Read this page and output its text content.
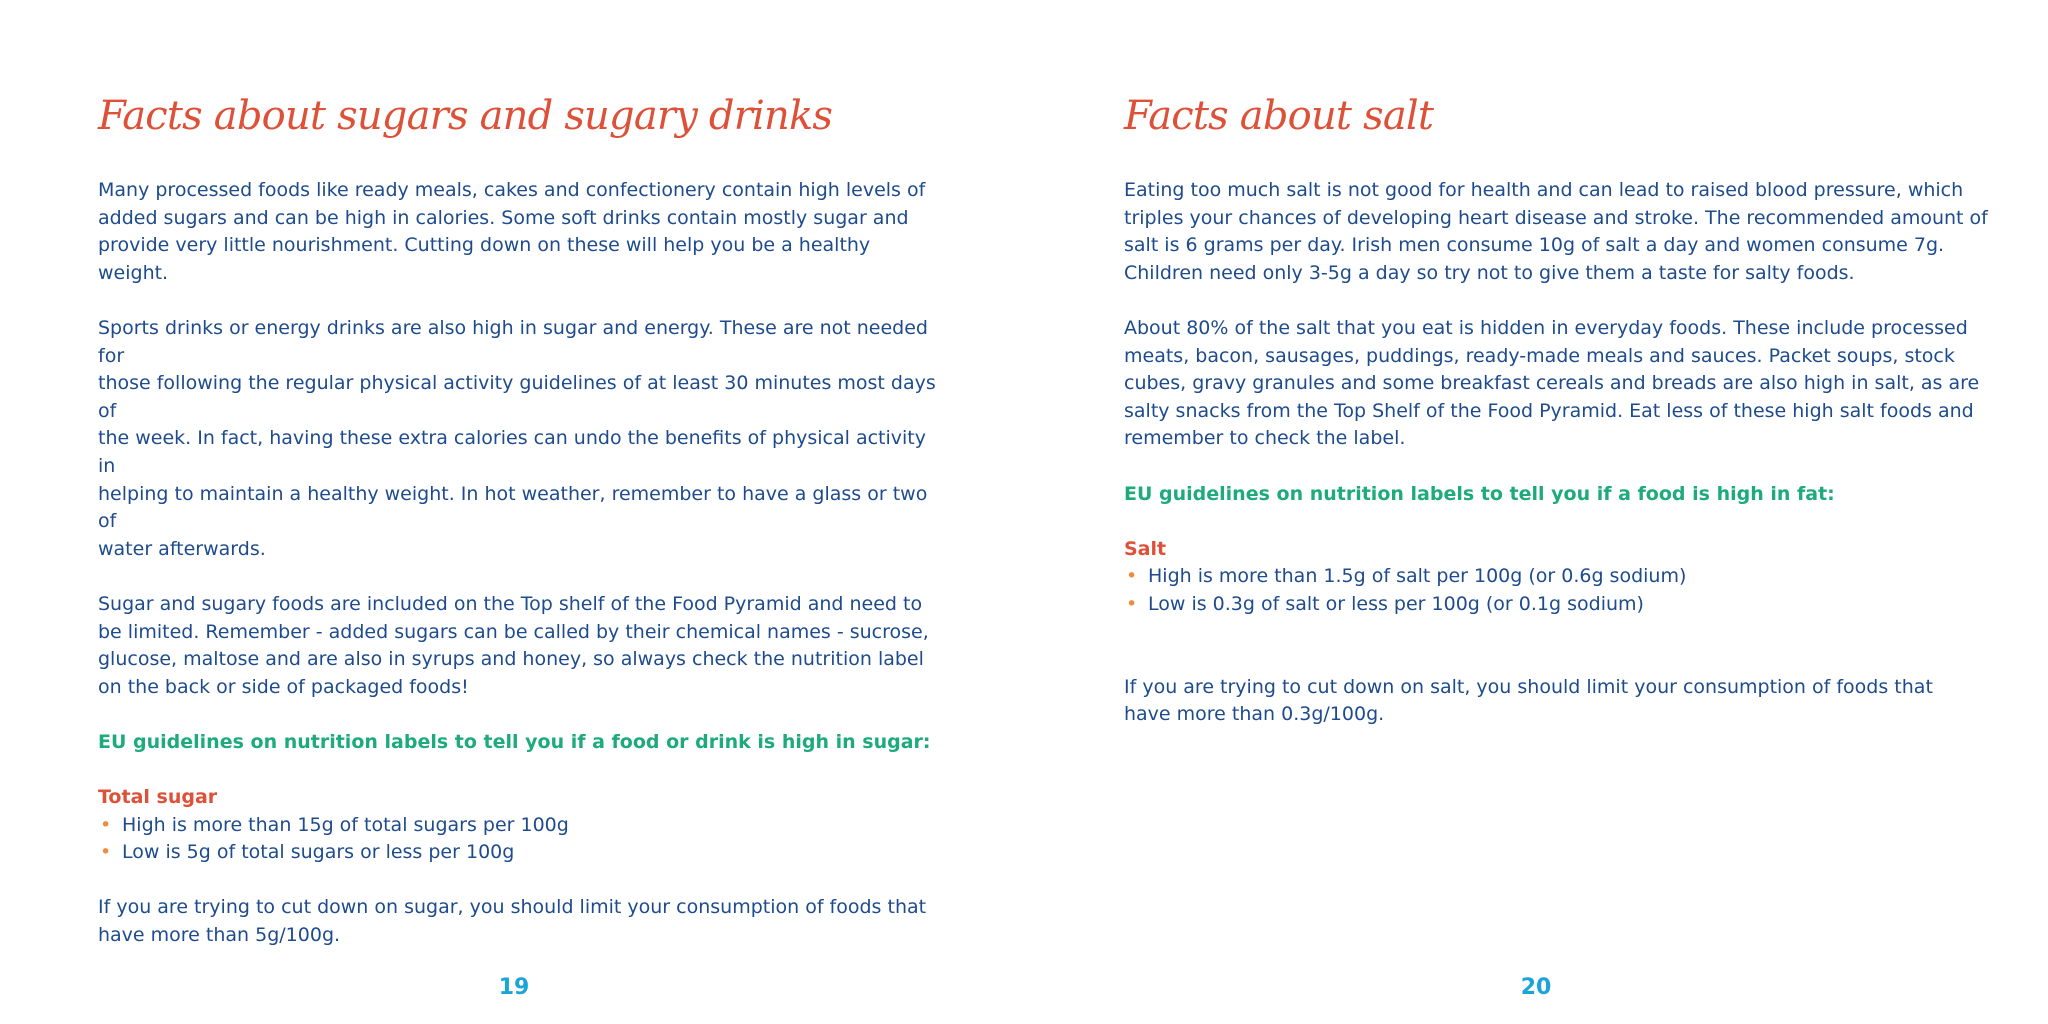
Facts about sugars and sugary drinks

Many processed foods like ready meals, cakes and confectionery contain high levels of
added sugars and can be high in calories. Some soft drinks contain mostly sugar and
provide very little nourishment. Cutting down on these will help you be a healthy weight.

Sports drinks or energy drinks are also high in sugar and energy. These are not needed for
those following the regular physical activity guidelines of at least 30 minutes most days of
the week. In fact, having these extra calories can undo the benefits of physical activity in
helping to maintain a healthy weight. In hot weather, remember to have a glass or two of
water afterwards.

Sugar and sugary foods are included on the Top shelf of the Food Pyramid and need to
be limited. Remember - added sugars can be called by their chemical names - sucrose,
glucose, maltose and are also in syrups and honey, so always check the nutrition label
on the back or side of packaged foods!

EU guidelines on nutrition labels to tell you if a food or drink is high in sugar:

Total sugar

• High is more than 15g of total sugars per 100g
• Low is 5g of total sugars or less per 100g

If you are trying to cut down on sugar, you should limit your consumption of foods that
have more than 5g/100g.

19
Facts about salt

Eating too much salt is not good for health and can lead to raised blood pressure, which
triples your chances of developing heart disease and stroke. The recommended amount of
salt is 6 grams per day. Irish men consume 10g of salt a day and women consume 7g.
Children need only 3-5g a day so try not to give them a taste for salty foods.

About 80% of the salt that you eat is hidden in everyday foods. These include processed
meats, bacon, sausages, puddings, ready-made meals and sauces. Packet soups, stock
cubes, gravy granules and some breakfast cereals and breads are also high in salt, as are
salty snacks from the Top Shelf of the Food Pyramid. Eat less of these high salt foods and
remember to check the label.

EU guidelines on nutrition labels to tell you if a food is high in fat:

Salt

• High is more than 1.5g of salt per 100g (or 0.6g sodium)
• Low is 0.3g of salt or less per 100g (or 0.1g sodium)

If you are trying to cut down on salt, you should limit your consumption of foods that
have more than 0.3g/100g.

20
